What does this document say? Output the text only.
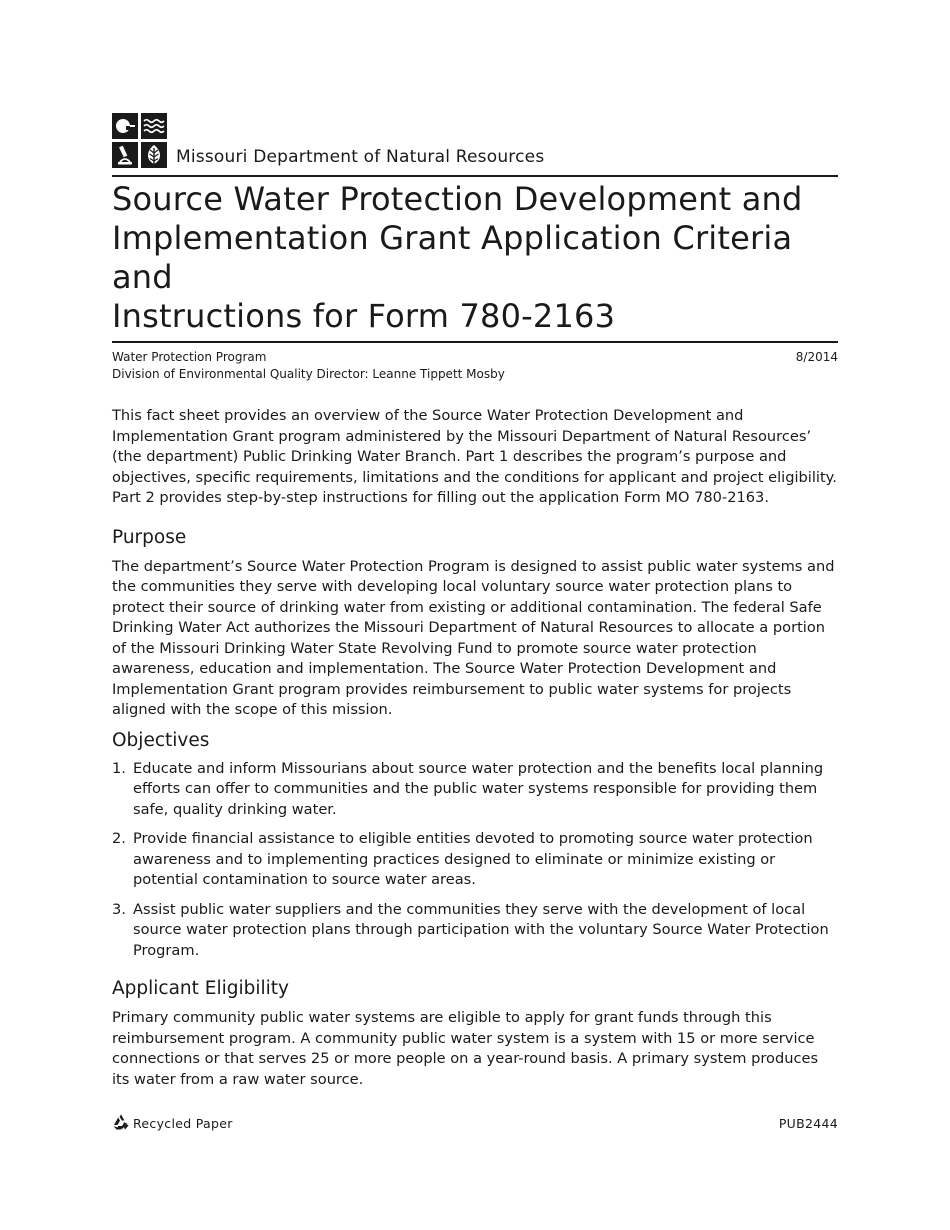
Missouri Department of Natural Resources
Source Water Protection Development and
Implementation Grant Application Criteria and
Instructions for Form 780-2163
Water Protection Program
Division of Environmental Quality Director: Leanne Tippett Mosby
8/2014

This fact sheet provides an overview of the Source Water Protection Development and Implementation Grant program administered by the Missouri Department of Natural Resources’ (the department) Public Drinking Water Branch. Part 1 describes the program’s purpose and objectives, specific requirements, limitations and the conditions for applicant and project eligibility. Part 2 provides step-by-step instructions for filling out the application Form MO 780-2163.

Purpose

The department’s Source Water Protection Program is designed to assist public water systems and the communities they serve with developing local voluntary source water protection plans to protect their source of drinking water from existing or additional contamination. The federal Safe Drinking Water Act authorizes the Missouri Department of Natural Resources to allocate a portion of the Missouri Drinking Water State Revolving Fund to promote source water protection awareness, education and implementation. The Source Water Protection Development and Implementation Grant program provides reimbursement to public water systems for projects aligned with the scope of this mission.

Objectives
1. Educate and inform Missourians about source water protection and the benefits local planning efforts can offer to communities and the public water systems responsible for providing them safe, quality drinking water.
2. Provide financial assistance to eligible entities devoted to promoting source water protection awareness and to implementing practices designed to eliminate or minimize existing or potential contamination to source water areas.
3. Assist public water suppliers and the communities they serve with the development of local source water protection plans through participation with the voluntary Source Water Protection Program.
Applicant Eligibility

Primary community public water systems are eligible to apply for grant funds through this reimbursement program. A community public water system is a system with 15 or more service connections or that serves 25 or more people on a year-round basis. A primary system produces its water from a raw water source.

Recycled Paper	PUB2444
